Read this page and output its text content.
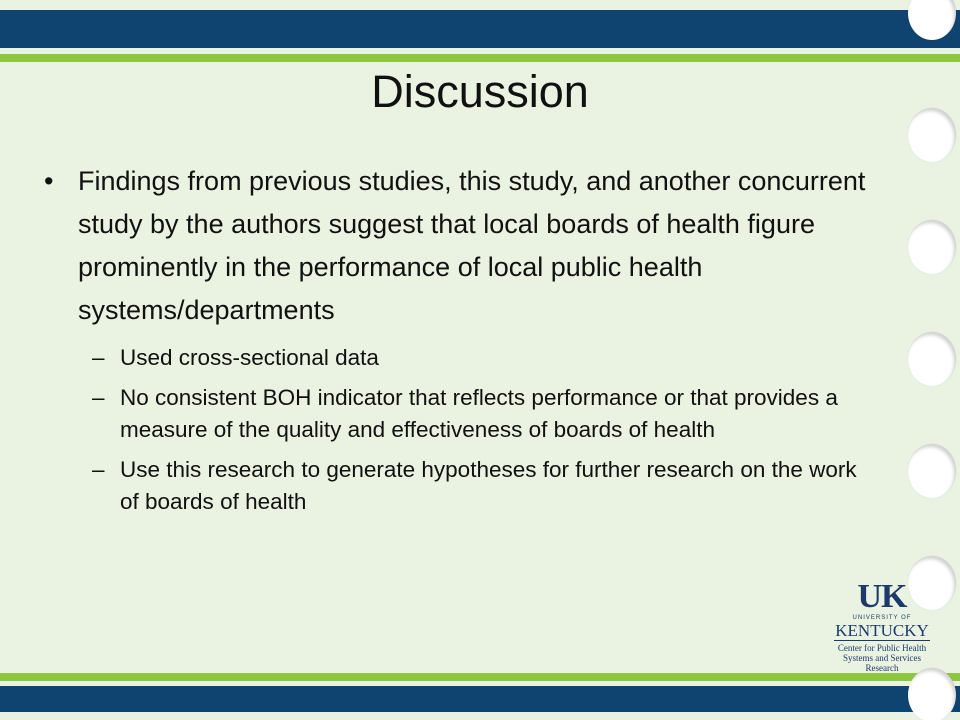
Discussion
• Findings from previous studies, this study, and another concurrent study by the authors suggest that local boards of health figure prominently in the performance of local public health systems/departments
– Used cross-sectional data
– No consistent BOH indicator that reflects performance or that provides a measure of the quality and effectiveness of boards of health
– Use this research to generate hypotheses for further research on the work of boards of health
UK
UNIVERSITY OF
KENTUCKY
Center for Public Health
Systems and Services Research
